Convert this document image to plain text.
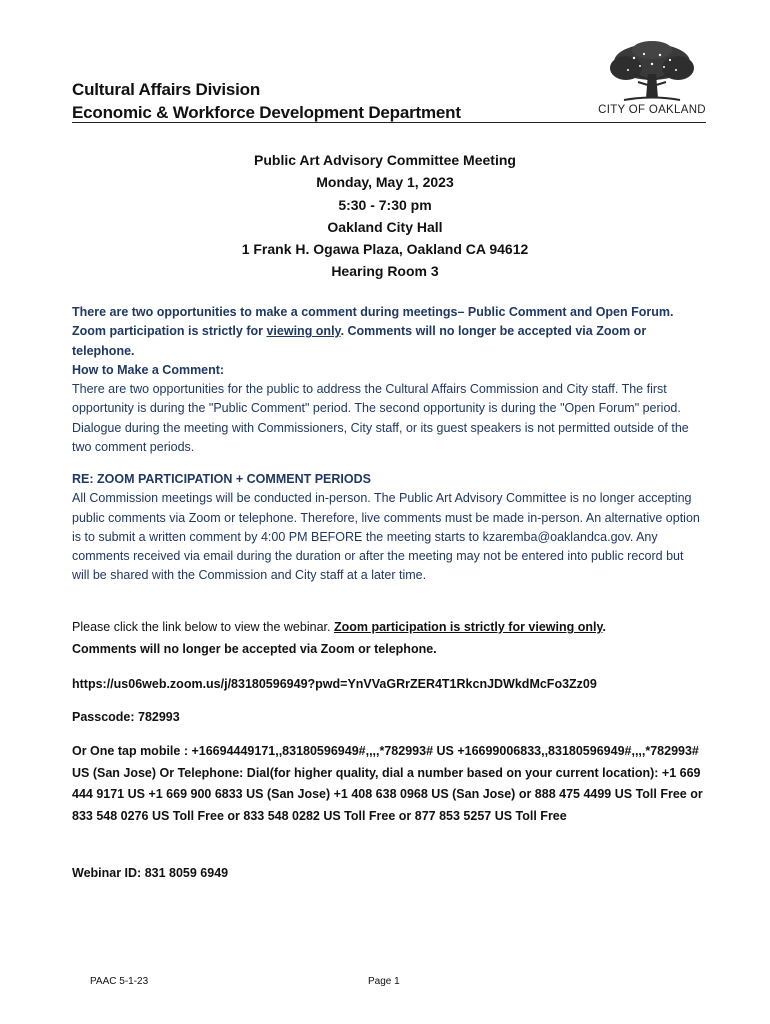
Cultural Affairs Division
Economic & Workforce Development Department	CITY OF OAKLAND
Public Art Advisory Committee Meeting
Monday, May 1, 2023
5:30 - 7:30 pm
Oakland City Hall
1 Frank H. Ogawa Plaza, Oakland CA 94612
Hearing Room 3
There are two opportunities to make a comment during meetings– Public Comment and Open Forum. Zoom participation is strictly for viewing only. Comments will no longer be accepted via Zoom or telephone.
How to Make a Comment:
There are two opportunities for the public to address the Cultural Affairs Commission and City staff. The first opportunity is during the "Public Comment" period. The second opportunity is during the "Open Forum" period. Dialogue during the meeting with Commissioners, City staff, or its guest speakers is not permitted outside of the two comment periods.
RE: ZOOM PARTICIPATION + COMMENT PERIODS
All Commission meetings will be conducted in-person. The Public Art Advisory Committee is no longer accepting public comments via Zoom or telephone. Therefore, live comments must be made in-person. An alternative option is to submit a written comment by 4:00 PM BEFORE the meeting starts to kzaremba@oaklandca.gov. Any comments received via email during the duration or after the meeting may not be entered into public record but will be shared with the Commission and City staff at a later time.
Please click the link below to view the webinar. Zoom participation is strictly for viewing only.
Comments will no longer be accepted via Zoom or telephone.
https://us06web.zoom.us/j/83180596949?pwd=YnVVaGRrZER4T1RkcnJDWkdMcFo3Zz09
Passcode: 782993
Or One tap mobile : +16694449171,,83180596949#,,,,*782993# US +16699006833,,83180596949#,,,,*782993# US (San Jose) Or Telephone: Dial(for higher quality, dial a number based on your current location): +1 669 444 9171 US +1 669 900 6833 US (San Jose) +1 408 638 0968 US (San Jose) or 888 475 4499 US Toll Free or 833 548 0276 US Toll Free or 833 548 0282 US Toll Free or 877 853 5257 US Toll Free
Webinar ID: 831 8059 6949
PAAC 5-1-23	Page 1
